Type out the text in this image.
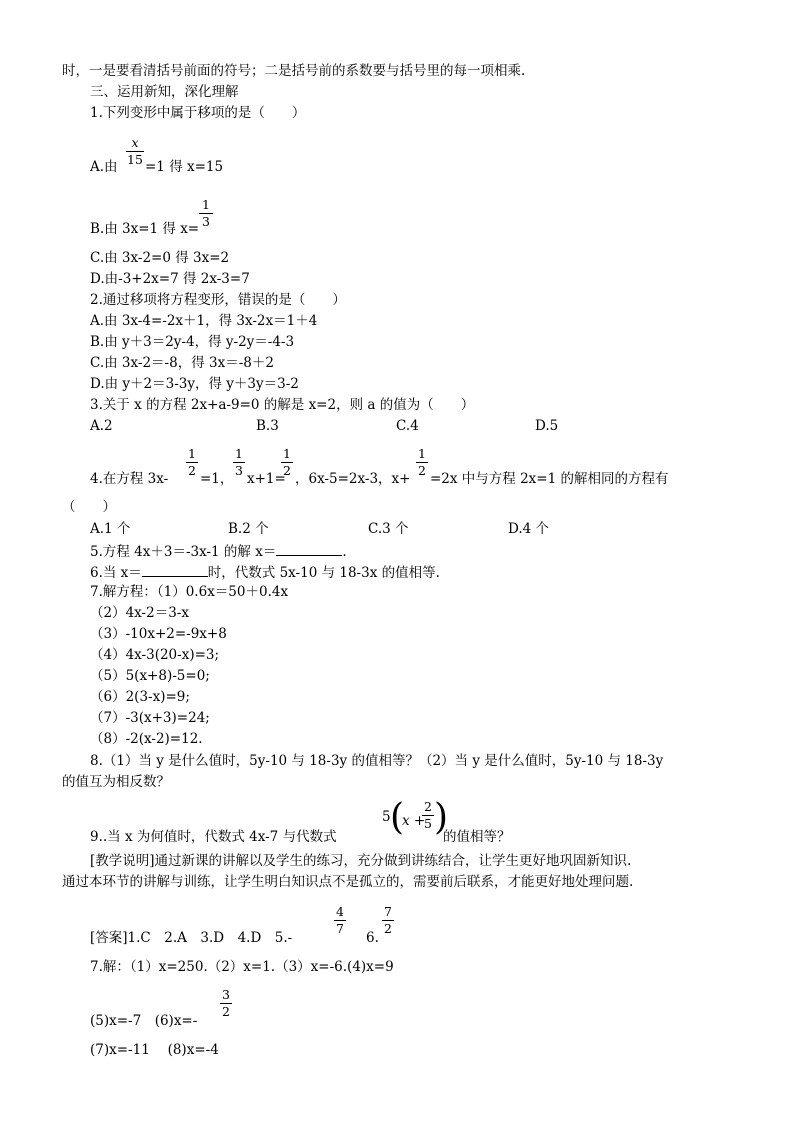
时，一是要看清括号前面的符号；二是括号前的系数要与括号里的每一项相乘.
三、运用新知，深化理解
1.下列变形中属于移项的是（　　）
x
15
A.由 =1 得 x=15
B.由 3x=1 得 x=
1
3
C.由 3x-2=0 得 3x=2
D.由-3+2x=7 得 2x-3=7
2.通过移项将方程变形，错误的是（　　）
A.由 3x-4=-2x＋1，得 3x-2x＝1＋4
B.由 y＋3＝2y-4，得 y-2y＝-4-3
C.由 3x-2＝-8，得 3x＝-8＋2
D.由 y＋2＝3-3y，得 y＋3y＝3-2
3.关于 x 的方程 2x+a-9=0 的解是 x=2，则 a 的值为（　　）
A.2	B.3	C.4	D.5
4.在方程 3x-
1
2
=1，
1
3
x+1=
1
2
，6x-5=2x-3，x+
1
2
=2x 中与方程 2x=1 的解相同的方程有
（　　）
A.1 个	B.2 个	C.3 个	D.4 个
5.方程 4x＋3＝-3x-1 的解 x＝	.
6.当 x＝	时，代数式 5x-10 与 18-3x 的值相等.
7.解方程：（1）0.6x＝50＋0.4x
（2）4x-2＝3-x
（3）-10x+2=-9x+8
（4）4x-3(20-x)=3;
（5）5(x+8)-5=0;
（6）2(3-x)=9;
（7）-3(x+3)=24;
（8）-2(x-2)=12.
8.（1）当 y 是什么值时，5y-10 与 18-3y 的值相等？（2）当 y 是什么值时，5y-10 与 18-3y
的值互为相反数？
9..当 x 为何值时，代数式 4x-7 与代数式
5 (
x +
2
5 )
的值相等？
[教学说明]通过新课的讲解以及学生的练习，充分做到讲练结合，让学生更好地巩固新知识.
通过本环节的讲解与训练，让学生明白知识点不是孤立的，需要前后联系，才能更好地处理问题.
[答案]1.C　2.A　3.D　4.D　5.-
4
7
6.
7
2
7.解：（1）x=250.（2）x=1.（3）x=-6.(4)x=9
(5)x=-7　(6)x=-
3
2
(7)x=-11　 (8)x=-4
